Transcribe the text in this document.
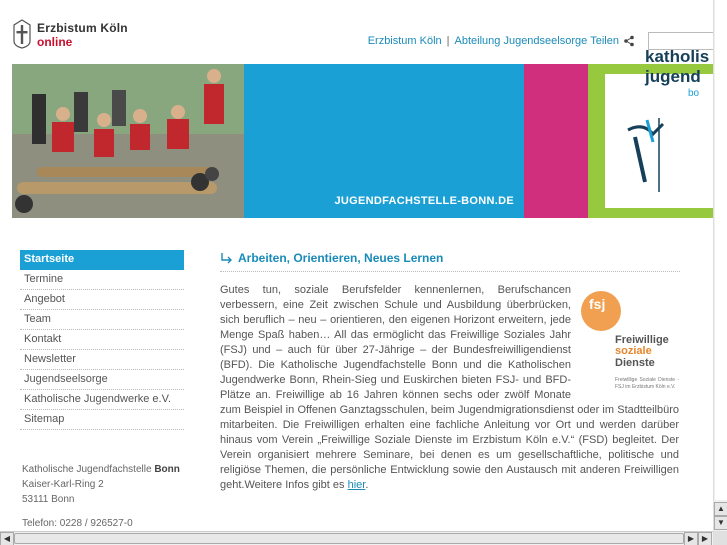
Erzbistum Köln
online	Erzbistum Köln | Abteilung Jugendseelsorge Teilen
JUGENDFACHSTELLE-BONN.DE
katholis
jugend
bo
Startseite
Termine
Angebot
Team
Kontakt
Newsletter
Jugendseelsorge
Katholische Jugendwerke e.V.
Sitemap
Katholische Jugendfachstelle Bonn
Kaiser-Karl-Ring 2
53111 Bonn
Telefon: 0228 / 926527-0
Arbeiten, Orientieren, Neues Lernen
fsj
Freiwillige
soziale
Dienste
Freiwillige Soziale Dienste - FSJ im Erzbistum Köln e.V.
Gutes tun, soziale Berufsfelder kennenlernen, Berufschancen verbessern, eine Zeit zwischen Schule und Ausbildung überbrücken, sich beruflich – neu – orientieren, den eigenen Horizont erweitern, jede Menge Spaß haben… All das ermöglicht das Freiwillige Soziales Jahr (FSJ) und – auch für über 27-Jährige – der Bundesfreiwilligendienst (BFD). Die Katholische Jugendfachstelle Bonn und die Katholischen Jugendwerke Bonn, Rhein-Sieg und Euskirchen bieten FSJ- und BFD-Plätze an. Freiwillige ab 16 Jahren können sechs oder zwölf Monate zum Beispiel in Offenen Ganztagsschulen, beim Jugendmigrationsdienst oder im Stadtteilbüro mitarbeiten. Die Freiwilligen erhalten eine fachliche Anleitung vor Ort und werden darüber hinaus vom Verein „Freiwillige Soziale Dienste im Erzbistum Köln e.V.“ (FSD) begleitet. Der Verein organisiert mehrere Seminare, bei denen es um gesellschaftliche, politische und religiöse Themen, die persönliche Entwicklung sowie den Austausch mit anderen Freiwilligen geht.Weitere Infos gibt es hier.
▲
▼
◀	▶ ▶
